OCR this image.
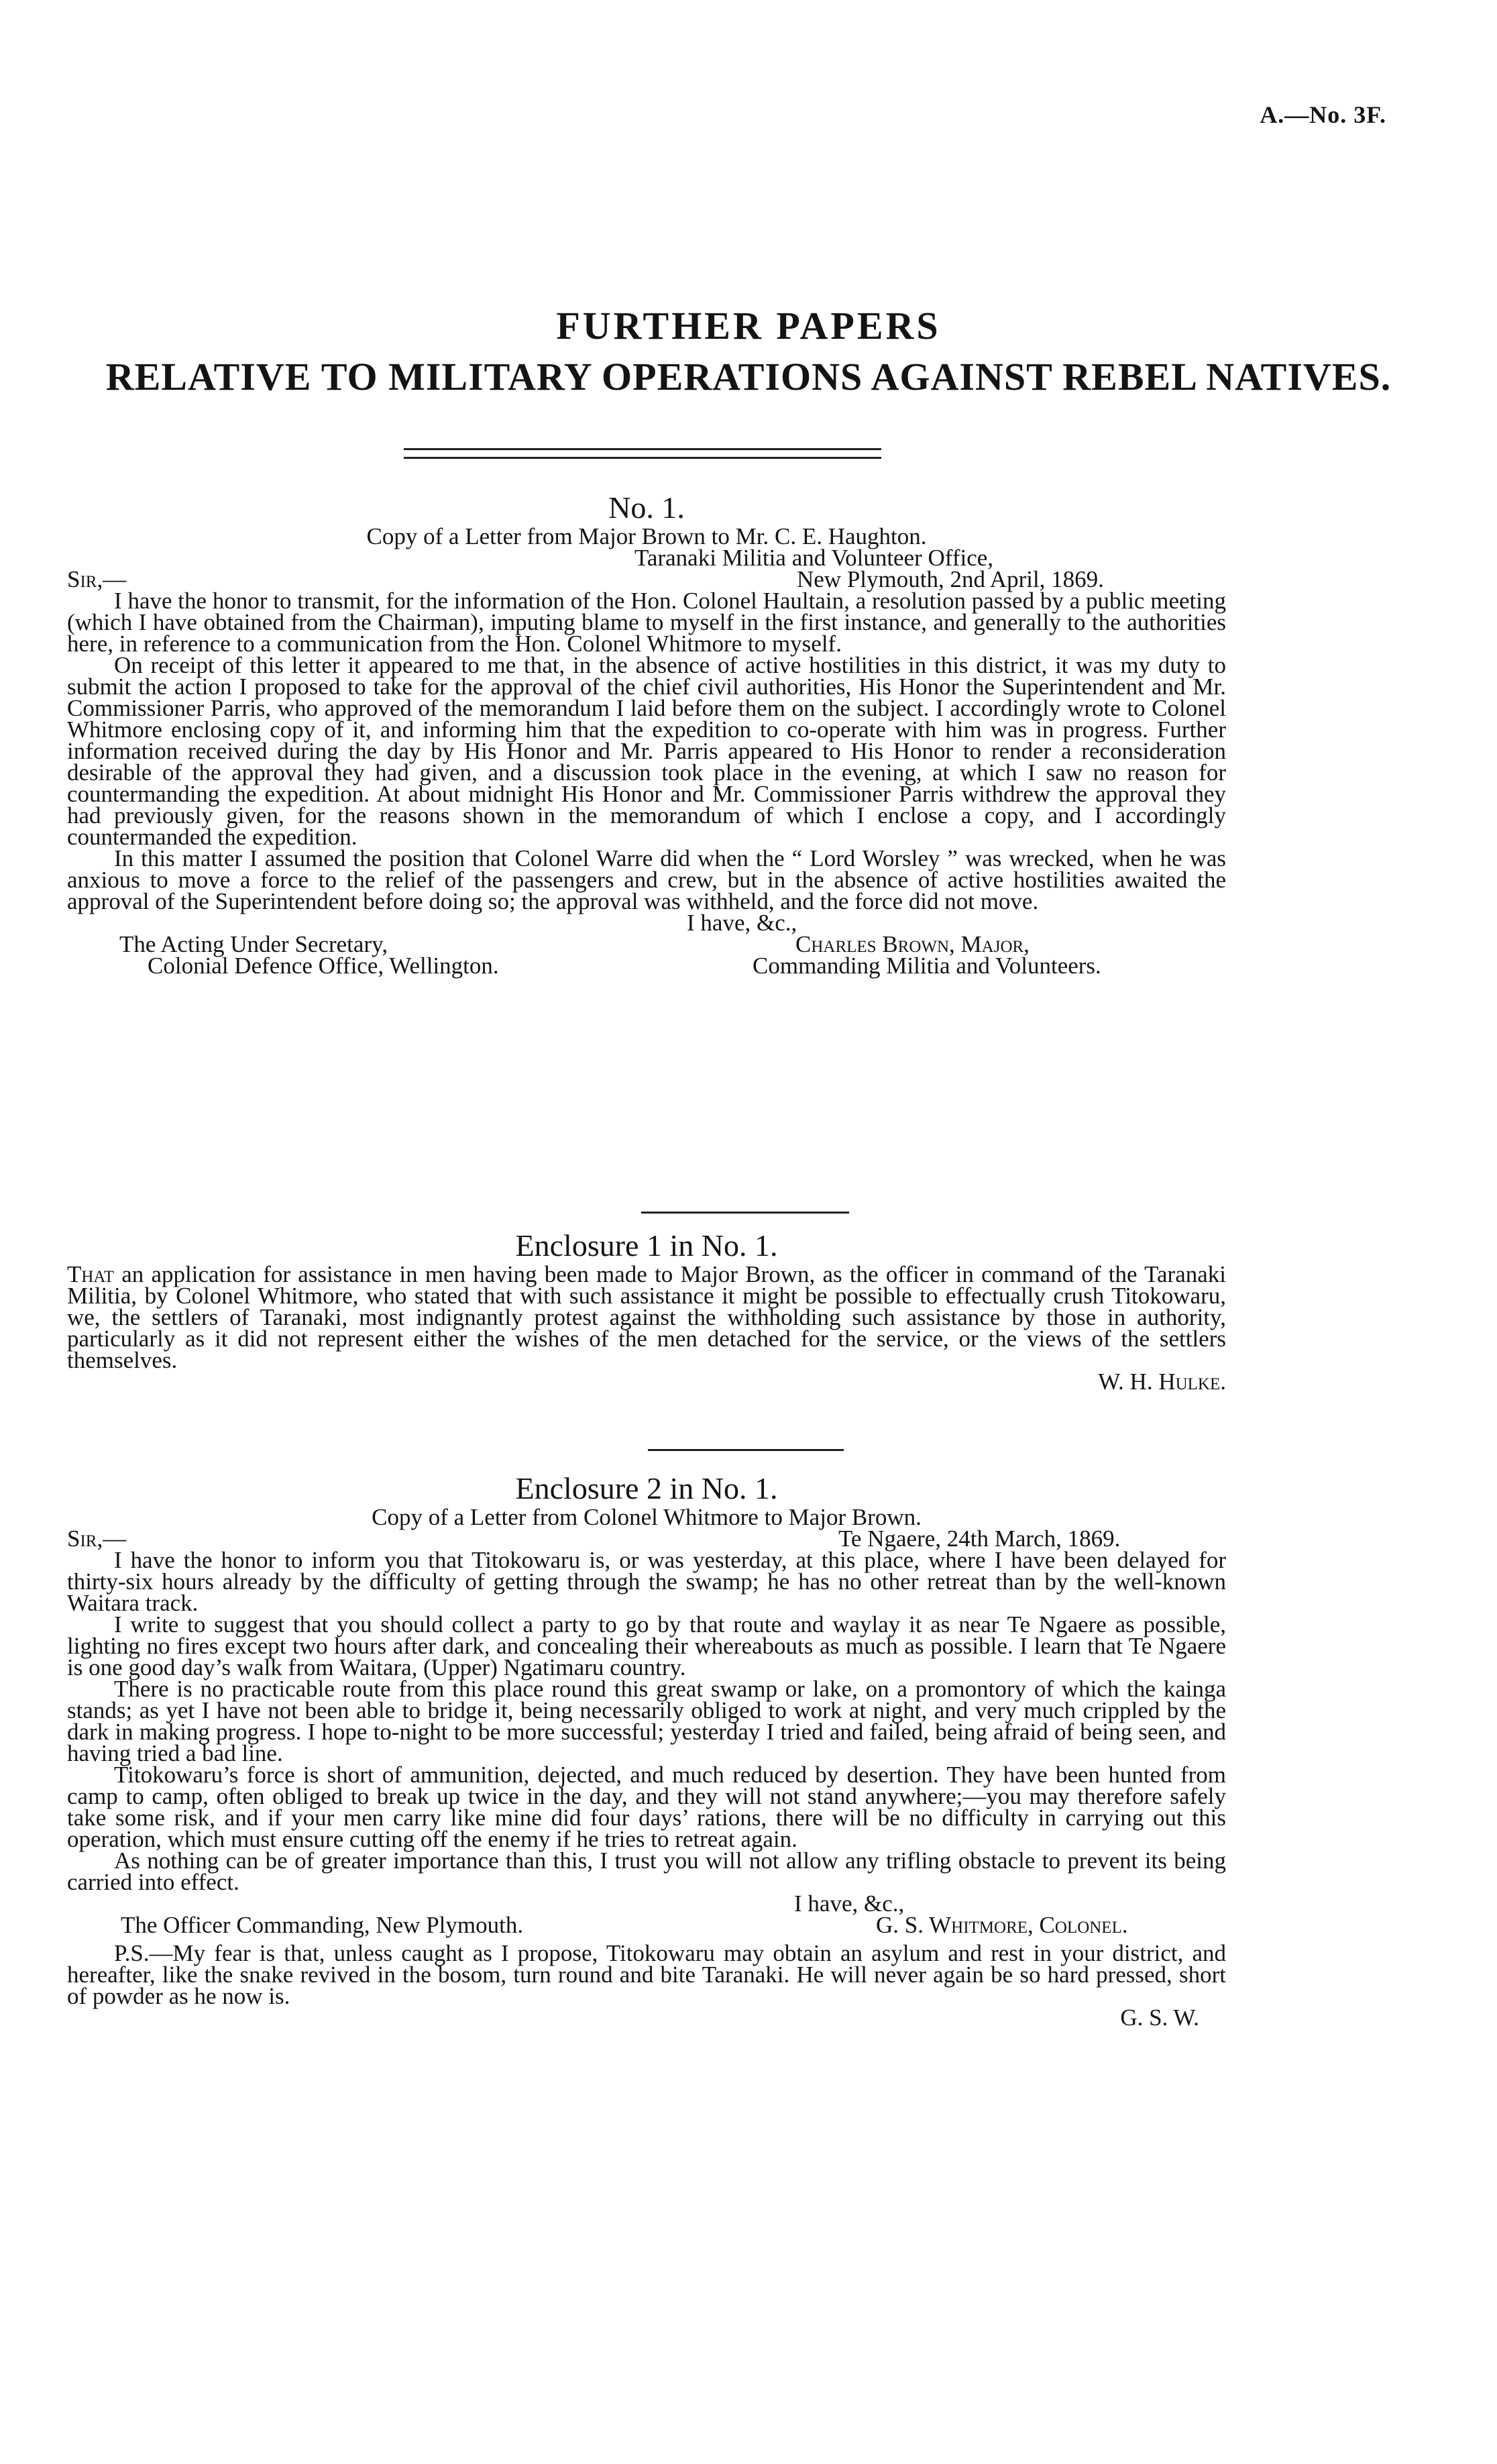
A.—No. 3F.
FURTHER PAPERS
RELATIVE TO MILITARY OPERATIONS AGAINST REBEL NATIVES.
No. 1.
Copy of a Letter from Major Brown to Mr. C. E. Haughton.
Taranaki Militia and Volunteer Office,
Sir,—	New Plymouth, 2nd April, 1869.

I have the honor to transmit, for the information of the Hon. Colonel Haultain, a resolution passed by a public meeting (which I have obtained from the Chairman), imputing blame to myself in the first instance, and generally to the authorities here, in reference to a communication from the Hon. Colonel Whitmore to myself.

On receipt of this letter it appeared to me that, in the absence of active hostilities in this district, it was my duty to submit the action I proposed to take for the approval of the chief civil authorities, His Honor the Superintendent and Mr. Commissioner Parris, who approved of the memorandum I laid before them on the subject. I accordingly wrote to Colonel Whitmore enclosing copy of it, and informing him that the expedition to co-operate with him was in progress. Further information received during the day by His Honor and Mr. Parris appeared to His Honor to render a reconsideration desirable of the approval they had given, and a discussion took place in the evening, at which I saw no reason for countermanding the expedition. At about midnight His Honor and Mr. Commissioner Parris withdrew the approval they had previously given, for the reasons shown in the memorandum of which I enclose a copy, and I accordingly countermanded the expedition.

In this matter I assumed the position that Colonel Warre did when the “ Lord Worsley ” was wrecked, when he was anxious to move a force to the relief of the passengers and crew, but in the absence of active hostilities awaited the approval of the Superintendent before doing so; the approval was withheld, and the force did not move.

I have, &c.,
The Acting Under Secretary,	Charles Brown, Major,
Colonial Defence Office, Wellington.	Commanding Militia and Volunteers.
Enclosure 1 in No. 1.

That an application for assistance in men having been made to Major Brown, as the officer in command of the Taranaki Militia, by Colonel Whitmore, who stated that with such assistance it might be possible to effectually crush Titokowaru, we, the settlers of Taranaki, most indignantly protest against the withholding such assistance by those in authority, particularly as it did not represent either the wishes of the men detached for the service, or the views of the settlers themselves.

W. H. Hulke.
Enclosure 2 in No. 1.
Copy of a Letter from Colonel Whitmore to Major Brown.
Sir,—	Te Ngaere, 24th March, 1869.

I have the honor to inform you that Titokowaru is, or was yesterday, at this place, where I have been delayed for thirty-six hours already by the difficulty of getting through the swamp; he has no other retreat than by the well-known Waitara track.

I write to suggest that you should collect a party to go by that route and waylay it as near Te Ngaere as possible, lighting no fires except two hours after dark, and concealing their whereabouts as much as possible. I learn that Te Ngaere is one good day’s walk from Waitara, (Upper) Ngatimaru country.

There is no practicable route from this place round this great swamp or lake, on a promontory of which the kainga stands; as yet I have not been able to bridge it, being necessarily obliged to work at night, and very much crippled by the dark in making progress. I hope to-night to be more successful; yesterday I tried and failed, being afraid of being seen, and having tried a bad line.

Titokowaru’s force is short of ammunition, dejected, and much reduced by desertion. They have been hunted from camp to camp, often obliged to break up twice in the day, and they will not stand anywhere;—you may therefore safely take some risk, and if your men carry like mine did four days’ rations, there will be no difficulty in carrying out this operation, which must ensure cutting off the enemy if he tries to retreat again.

As nothing can be of greater importance than this, I trust you will not allow any trifling obstacle to prevent its being carried into effect.

I have, &c.,
The Officer Commanding, New Plymouth.	G. S. Whitmore, Colonel.

P.S.—My fear is that, unless caught as I propose, Titokowaru may obtain an asylum and rest in your district, and hereafter, like the snake revived in the bosom, turn round and bite Taranaki. He will never again be so hard pressed, short of powder as he now is.

G. S. W.
